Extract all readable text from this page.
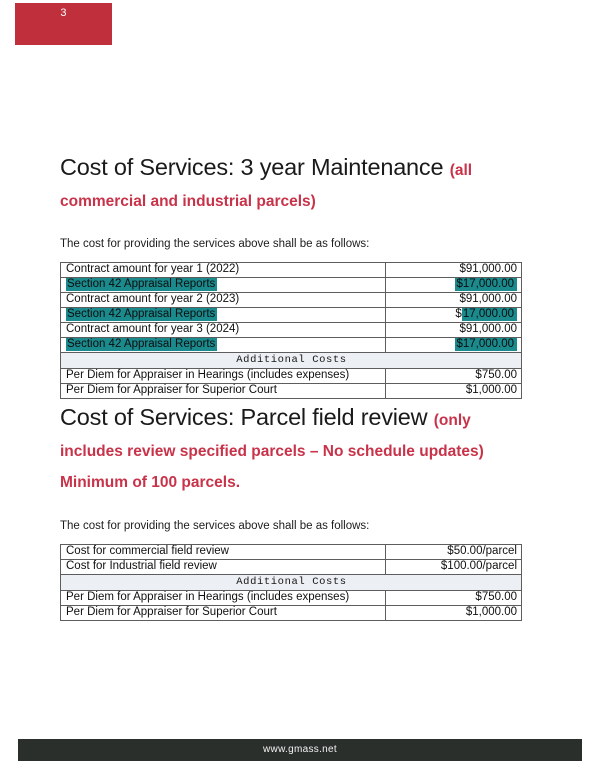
3
Cost of Services: 3 year Maintenance (all commercial and industrial parcels)

The cost for providing the services above shall be as follows:

Contract amount for year 1 (2022)	$91,000.00
Section 42 Appraisal Reports	$17,000.00
Contract amount for year 2 (2023)	$91,000.00
Section 42 Appraisal Reports	$17,000.00
Contract amount for year 3 (2024)	$91,000.00
Section 42 Appraisal Reports	$17,000.00
Additional Costs	
Per Diem for Appraiser in Hearings (includes expenses)	$750.00
Per Diem for Appraiser for Superior Court	$1,000.00
Cost of Services: Parcel field review (only includes review specified parcels – No schedule updates) Minimum of 100 parcels.

The cost for providing the services above shall be as follows:

Cost for commercial field review	$50.00/parcel
Cost for Industrial field review	$100.00/parcel
Additional Costs	
Per Diem for Appraiser in Hearings (includes expenses)	$750.00
Per Diem for Appraiser for Superior Court	$1,000.00
www.gmass.net
